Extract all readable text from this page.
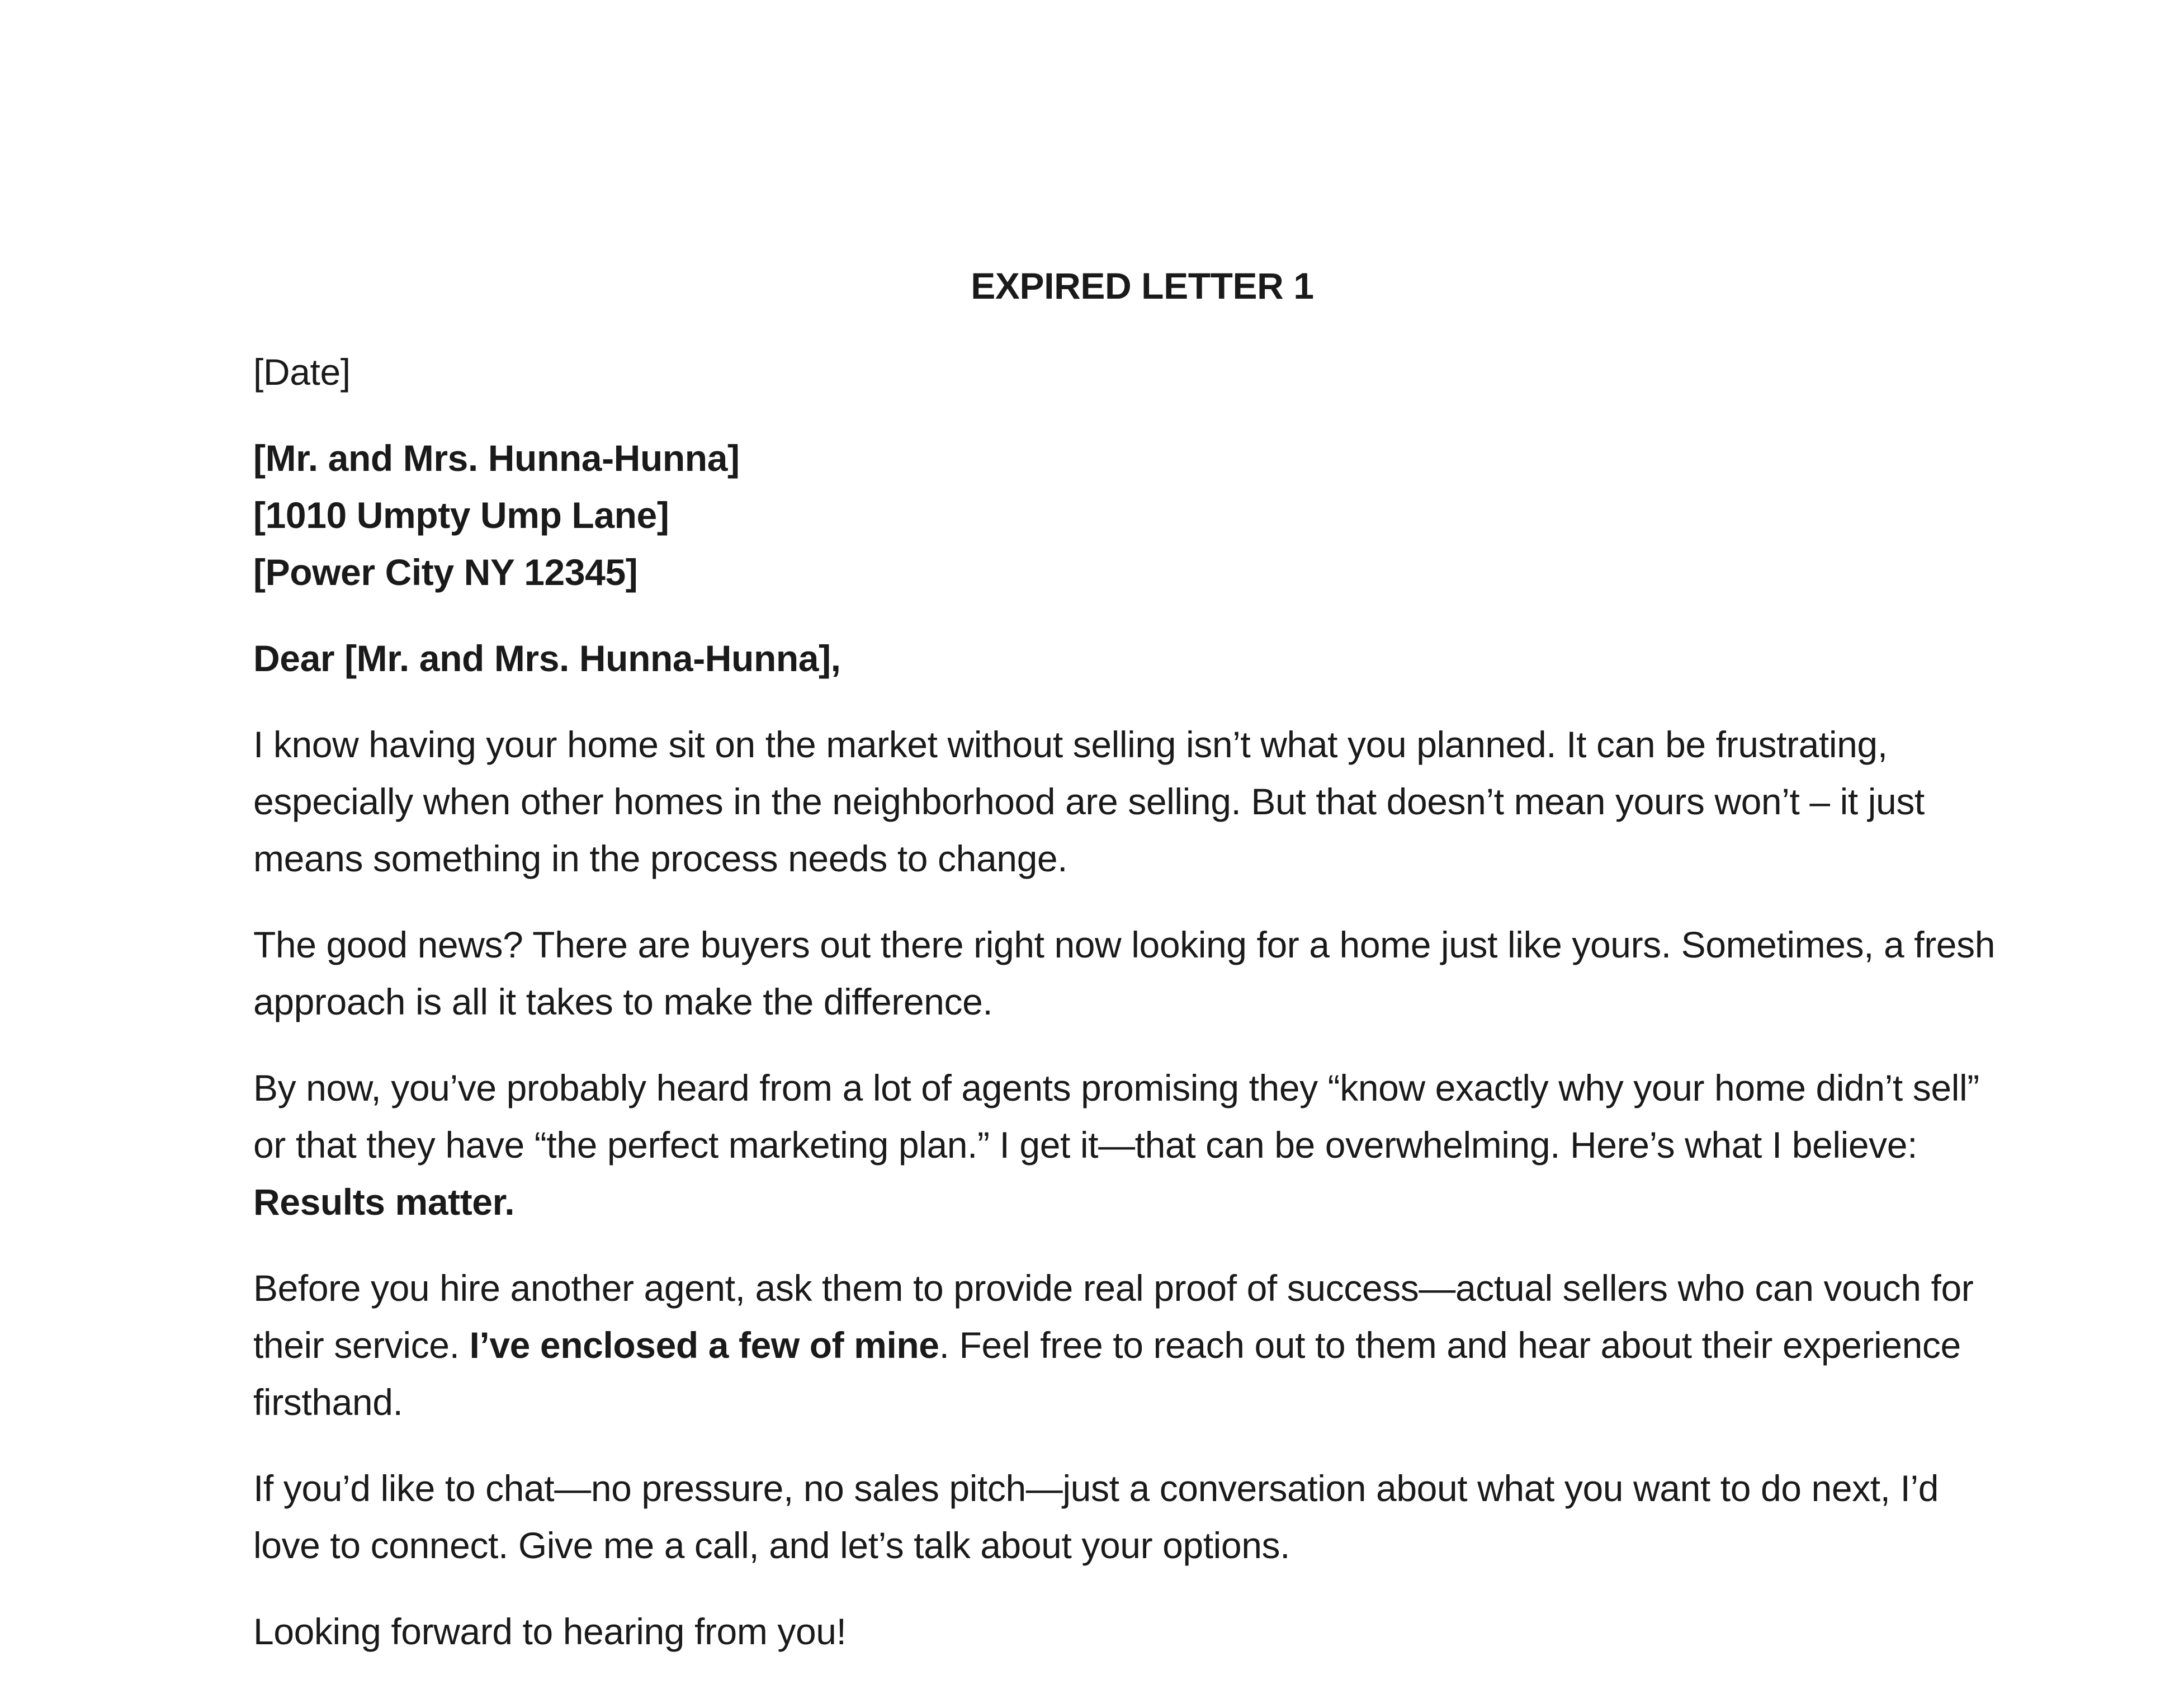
EXPIRED LETTER 1
[Date]
[Mr. and Mrs. Hunna-Hunna]
[1010 Umpty Ump Lane]
[Power City NY 12345]
Dear [Mr. and Mrs. Hunna-Hunna],

I know having your home sit on the market without selling isn’t what you planned. It can be frustrating, especially when other homes in the neighborhood are selling. But that doesn’t mean yours won’t – it just means something in the process needs to change.

The good news? There are buyers out there right now looking for a home just like yours. Sometimes, a fresh approach is all it takes to make the difference.

By now, you’ve probably heard from a lot of agents promising they “know exactly why your home didn’t sell” or that they have “the perfect marketing plan.” I get it—that can be overwhelming. Here’s what I believe: Results matter.

Before you hire another agent, ask them to provide real proof of success—actual sellers who can vouch for their service. I’ve enclosed a few of mine. Feel free to reach out to them and hear about their experience firsthand.

If you’d like to chat—no pressure, no sales pitch—just a conversation about what you want to do next, I’d love to connect. Give me a call, and let’s talk about your options.

Looking forward to hearing from you!
